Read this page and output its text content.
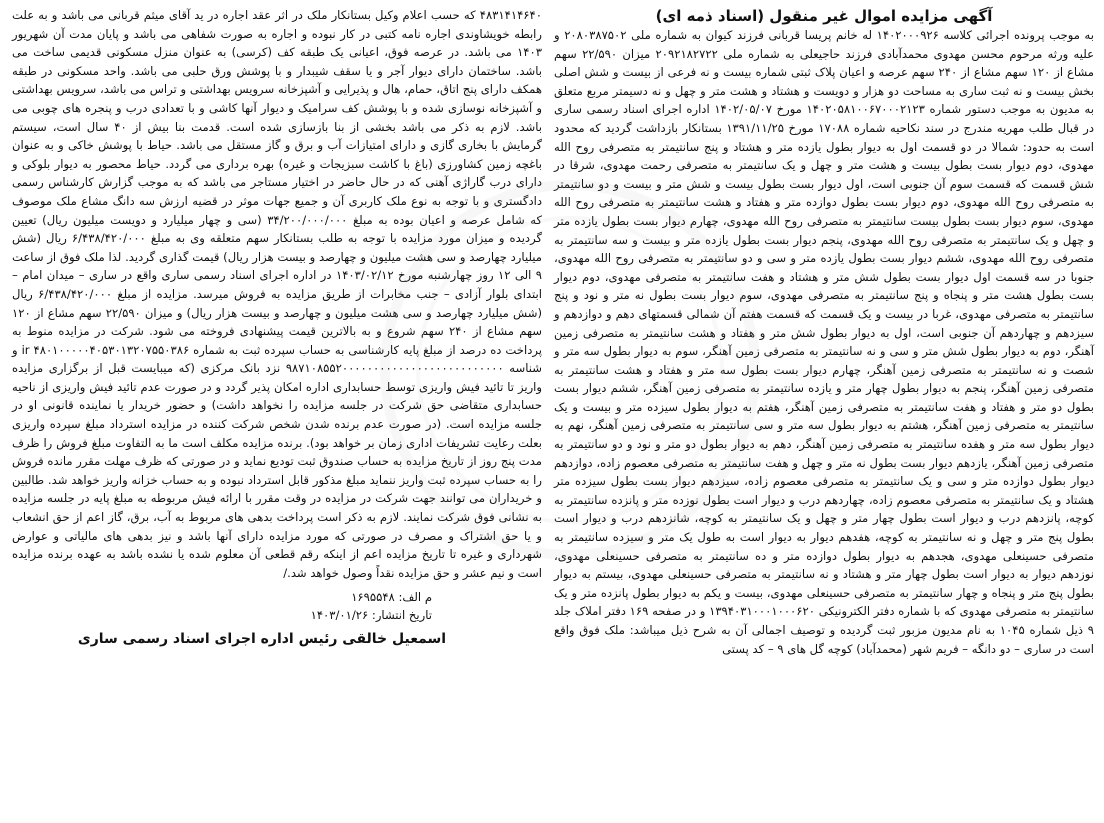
آگهی مزایده اموال غیر منقول (اسناد ذمه ای)

به موجب پرونده اجرائی کلاسه ۱۴۰۲۰۰۰۹۲۶ له خانم پریسا قربانی فرزند کیوان به شماره ملی ۲۰۸۰۳۸۷۵۰۲ و علیه ورثه مرحوم محسن مهدوی محمدآبادی فرزند حاجیعلی به شماره ملی ۲۰۹۲۱۸۲۷۲۲ میزان ۲۲/۵۹۰ سهم مشاع از ۱۲۰ سهم مشاع از ۲۴۰ سهم عرصه و اعیان پلاک ثبتی شماره بیست و نه فرعی از بیست و شش اصلی بخش بیست و نه ثبت ساری به مساحت دو هزار و دویست و هشتاد و هشت متر و چهل و نه دسیمتر مربع متعلق به مدیون به موجب دستور شماره ۱۴۰۲۰۵۸۱۰۰۶۷۰۰۰۲۱۲۳ مورخ ۱۴۰۲/۰۵/۰۷ اداره اجرای اسناد رسمی ساری در قبال طلب مهریه مندرج در سند نکاحیه شماره ۱۷۰۸۸ مورخ ۱۳۹۱/۱۱/۲۵ بستانکار بازداشت گردید که محدود است به حدود: شمالا در دو قسمت اول به دیوار بطول یازده متر و هشتاد و پنج سانتیمتر به متصرفی روح الله مهدوی، دوم دیوار بست بطول بیست و هشت متر و چهل و یک سانتیمتر به متصرفی رحمت مهدوی، شرقا در شش قسمت که قسمت سوم آن جنوبی است، اول دیوار بست بطول بیست و شش متر و بیست و دو سانتیمتر به متصرفی روح الله مهدوی، دوم دیوار بست بطول دوازده متر و هفتاد و هشت سانتیمتر به متصرفی روح الله مهدوی، سوم دیوار بست بطول بیست سانتیمتر به متصرفی روح الله مهدوی، چهارم دیوار بست بطول یازده متر و چهل و یک سانتیمتر به متصرفی روح الله مهدوی، پنجم دیوار بست بطول یازده متر و بیست و سه سانتیمتر به متصرفی روح الله مهدوی، ششم دیوار بست بطول یازده متر و سی و دو سانتیمتر به متصرفی روح الله مهدوی، جنوبا در سه قسمت اول دیوار بست بطول شش متر و هشتاد و هفت سانتیمتر به متصرفی مهدوی، دوم دیوار بست بطول هشت متر و پنجاه و پنج سانتیمتر به متصرفی مهدوی، سوم دیوار بست بطول نه متر و نود و پنج سانتیمتر به متصرفی مهدوی، غربا در بیست و یک قسمت که قسمت هفتم آن شمالی قسمتهای دهم و دوازدهم و سیزدهم و چهاردهم آن جنوبی است، اول به دیوار بطول شش متر و هفتاد و هشت سانتیمتر به متصرفی زمین آهنگر، دوم به دیوار بطول شش متر و سی و نه سانتیمتر به متصرفی زمین آهنگر، سوم به دیوار بطول سه متر و شصت و نه سانتیمتر به متصرفی زمین آهنگر، چهارم دیوار بست بطول سه متر و هفتاد و هشت سانتیمتر به متصرفی زمین آهنگر، پنجم به دیوار بطول چهار متر و یازده سانتیمتر به متصرفی زمین آهنگر، ششم دیوار بست بطول دو متر و هفتاد و هفت سانتیمتر به متصرفی زمین آهنگر، هفتم به دیوار بطول سیزده متر و بیست و یک سانتیمتر به متصرفی زمین آهنگر، هشتم به دیوار بطول سه متر و سی سانتیمتر به متصرفی زمین آهنگر، نهم به دیوار بطول سه متر و هفده سانتیمتر به متصرفی زمین آهنگر، دهم به دیوار بطول دو متر و نود و دو سانتیمتر به متصرفی زمین آهنگر، یازدهم دیوار بست بطول نه متر و چهل و هفت سانتیمتر به متصرفی معصوم زاده، دوازدهم دیوار بطول دوازده متر و سی و یک سانتیمتر به متصرفی معصوم زاده، سیزدهم دیوار بست بطول سیزده متر هشتاد و یک سانتیمتر به متصرفی معصوم زاده، چهاردهم درب و دیوار است بطول نوزده متر و پانزده سانتیمتر به کوچه، پانزدهم درب و دیوار است بطول چهار متر و چهل و یک سانتیمتر به کوچه، شانزدهم درب و دیوار است بطول پنج متر و چهل و نه سانتیمتر به کوچه، هفدهم دیوار به دیوار است به طول یک متر و سیزده سانتیمتر به متصرفی حسینعلی مهدوی، هجدهم به دیوار بطول دوازده متر و ده سانتیمتر به متصرفی حسینعلی مهدوی، نوزدهم دیوار به دیوار است بطول چهار متر و هشتاد و نه سانتیمتر به متصرفی حسینعلی مهدوی، بیستم به دیوار بطول پنج متر و پنجاه و چهار سانتیمتر به متصرفی حسینعلی مهدوی، بیست و یکم به دیوار بطول پانزده متر و یک سانتیمتر به متصرفی مهدوی که با شماره دفتر الکترونیکی ۱۳۹۴۰۳۱۰۰۰۱۰۰۰۶۲۰ و در صفحه ۱۶۹ دفتر املاک جلد ۹ ذیل شماره ۱۰۴۵ به نام مدیون مزبور ثبت گردیده و توصیف اجمالی آن به شرح ذیل میباشد: ملک فوق واقع است در ساری – دو دانگه – فریم شهر (محمدآباد) کوچه گل های ۹ – کد پستی

۴۸۳۱۴۱۴۶۴۰ که حسب اعلام وکیل بستانکار ملک در اثر عقد اجاره در ید آقای میثم قربانی می باشد و به علت رابطه خویشاوندی اجاره نامه کتبی در کار نبوده و اجاره به صورت شفاهی می باشد و پایان مدت آن شهریور ۱۴۰۳ می باشد. در عرصه فوق، اعیانی یک طبقه کف (کرسی) به عنوان منزل مسکونی قدیمی ساخت می باشد. ساختمان دارای دیوار آجر و یا سقف شیبدار و با پوشش ورق حلبی می باشد. واحد مسکونی در طبقه همکف دارای پنج اتاق، حمام، هال و پذیرایی و آشپزخانه سرویس بهداشتی و تراس می باشد، سرویس بهداشتی و آشپزخانه نوسازی شده و با پوشش کف سرامیک و دیوار آنها کاشی و با تعدادی درب و پنجره های چوبی می باشد. لازم به ذکر می باشد بخشی از بنا بازسازی شده است. قدمت بنا بیش از ۴۰ سال است، سیستم گرمایش با بخاری گازی و دارای امتیازات آب و برق و گاز مستقل می باشد. حیاط با پوشش خاکی و به عنوان باغچه زمین کشاورزی (باغ با کاشت سبزیجات و غیره) بهره برداری می گردد. حیاط محصور به دیوار بلوکی و دارای درب گاراژی آهنی که در حال حاضر در اختیار مستاجر می باشد که به موجب گزارش کارشناس رسمی دادگستری و با توجه به نوع ملک کاربری آن و جمیع جهات موثر در قضیه ارزش سه دانگ مشاع ملک موصوف که شامل عرصه و اعیان بوده به مبلغ ۳۴/۲۰۰/۰۰۰/۰۰۰ (سی و چهار میلیارد و دویست میلیون ریال) تعیین گردیده و میزان مورد مزایده با توجه به طلب بستانکار سهم متعلقه وی به مبلغ ۶/۴۳۸/۴۲۰/۰۰۰ ریال (شش میلیارد چهارصد و سی هشت میلیون و چهارصد و بیست هزار ریال) قیمت گذاری گردید. لذا ملک فوق از ساعت ۹ الی ۱۲ روز چهارشنبه مورخ ۱۴۰۳/۰۲/۱۲ در اداره اجرای اسناد رسمی ساری واقع در ساری – میدان امام – ابتدای بلوار آزادی – جنب مخابرات از طریق مزایده به فروش میرسد. مزایده از مبلغ ۶/۴۳۸/۴۲۰/۰۰۰ ریال (شش میلیارد چهارصد و سی هشت میلیون و چهارصد و بیست هزار ریال) و میزان ۲۲/۵۹۰ سهم مشاع از ۱۲۰ سهم مشاع از ۲۴۰ سهم شروع و به بالاترین قیمت پیشنهادی فروخته می شود. شرکت در مزایده منوط به پرداخت ده درصد از مبلغ پایه کارشناسی به حساب سپرده ثبت به شماره ir ۴۸۰۱۰۰۰۰۰۴۰۵۳۰۱۳۲۰۷۵۵۰۳۸۶ و شناسه ۹۸۷۱۰۸۵۵۲۰۰۰۰۰۰۰۰۰۰۰۰۰۰۰۰۰۰۰۰۰۰۰۰۰۰ نزد بانک مرکزی (که میبایست قبل از برگزاری مزایده واریز تا تائید فیش واریزی توسط حسابداری اداره امکان پذیر گردد و در صورت عدم تائید فیش واریزی از ناحیه حسابداری متقاضی حق شرکت در جلسه مزایده را نخواهد داشت) و حضور خریدار یا نماینده قانونی او در جلسه مزایده است. (در صورت عدم برنده شدن شخص شرکت کننده در مزایده استرداد مبلغ سپرده واریزی بعلت رعایت تشریفات اداری زمان بر خواهد بود). برنده مزایده مکلف است ما به التفاوت مبلغ فروش را ظرف مدت پنج روز از تاریخ مزایده به حساب صندوق ثبت تودیع نماید و در صورتی که ظرف مهلت مقرر مانده فروش را به حساب سپرده ثبت واریز ننماید مبلغ مذکور قابل استرداد نبوده و به حساب خزانه واریز خواهد شد. طالبین و خریداران می توانند جهت شرکت در مزایده در وقت مقرر با ارائه فیش مربوطه به مبلغ پایه در جلسه مزایده به نشانی فوق شرکت نمایند. لازم به ذکر است پرداخت بدهی های مربوط به آب، برق، گاز اعم از حق انشعاب و یا حق اشتراک و مصرف در صورتی که مورد مزایده دارای آنها باشد و نیز بدهی های مالیاتی و عوارض شهرداری و غیره تا تاریخ مزایده اعم از اینکه رقم قطعی آن معلوم شده یا نشده باشد به عهده برنده مزایده است و نیم عشر و حق مزایده نقداً وصول خواهد شد./

م الف: ۱۶۹۵۵۴۸
تاریخ انتشار: ۱۴۰۳/۰۱/۲۶
اسمعیل خالقی رئیس اداره اجرای اسناد رسمی ساری
